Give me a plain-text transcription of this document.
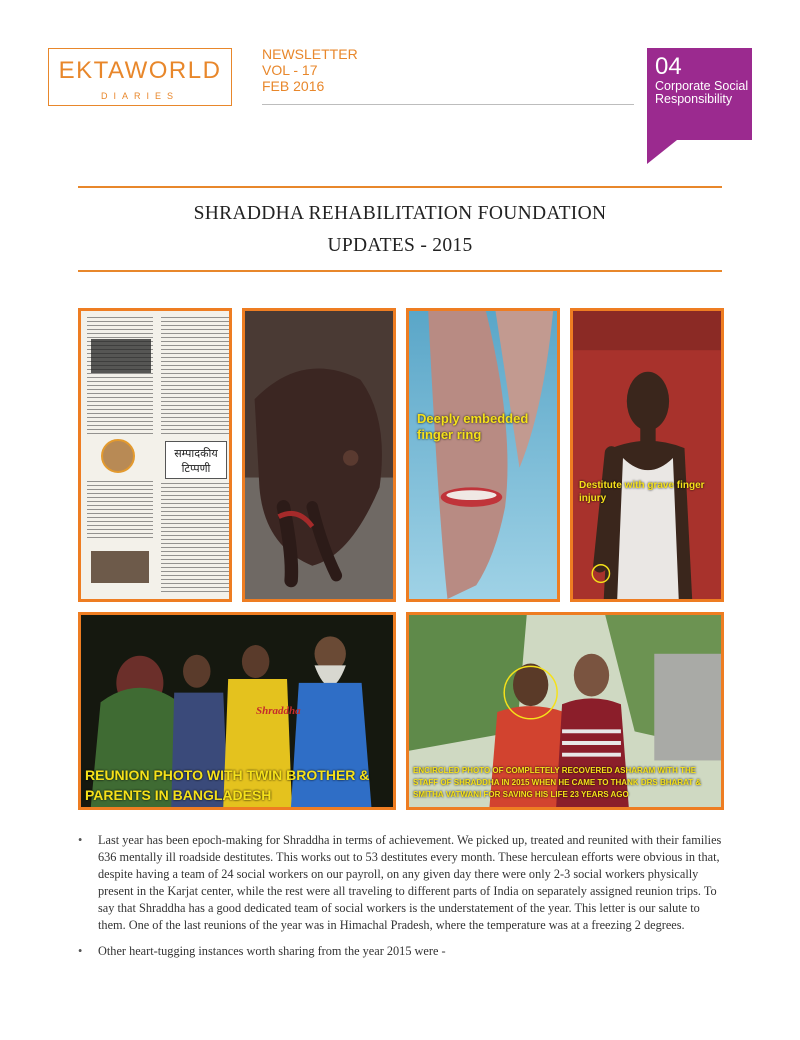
EKTAWORLD
DIARIES
NEWSLETTER
VOL - 17
FEB 2016
04
Corporate Social Responsibility
SHRADDHA REHABILITATION FOUNDATION
UPDATES - 2015
सम्पादकीय टिप्पणी
Deeply embedded finger ring
Destitute with grave finger injury
Shraddha
REUNION PHOTO WITH TWIN BROTHER & PARENTS IN BANGLADESH
ENCIRCLED PHOTO OF COMPLETELY RECOVERED ASHARAM WITH THE STAFF OF SHRADDHA IN 2015 WHEN HE CAME TO THANK DRS BHARAT & SMITHA VATWANI FOR SAVING HIS LIFE 23 YEARS AGO
• Last year has been epoch-making for Shraddha in terms of achievement. We picked up, treated and reunited with their families 636 mentally ill roadside destitutes. This works out to 53 destitutes every month. These herculean efforts were obvious in that, despite having a team of 24 social workers on our payroll, on any given day there were only 2-3 social workers physically present in the Karjat center, while the rest were all traveling to different parts of India on separately assigned reunion trips. To say that Shraddha has a good dedicated team of social workers is the understatement of the year. This letter is our salute to them. One of the last reunions of the year was in Himachal Pradesh, where the temperature was at a freezing 2 degrees.
• Other heart-tugging instances worth sharing from the year 2015 were -
